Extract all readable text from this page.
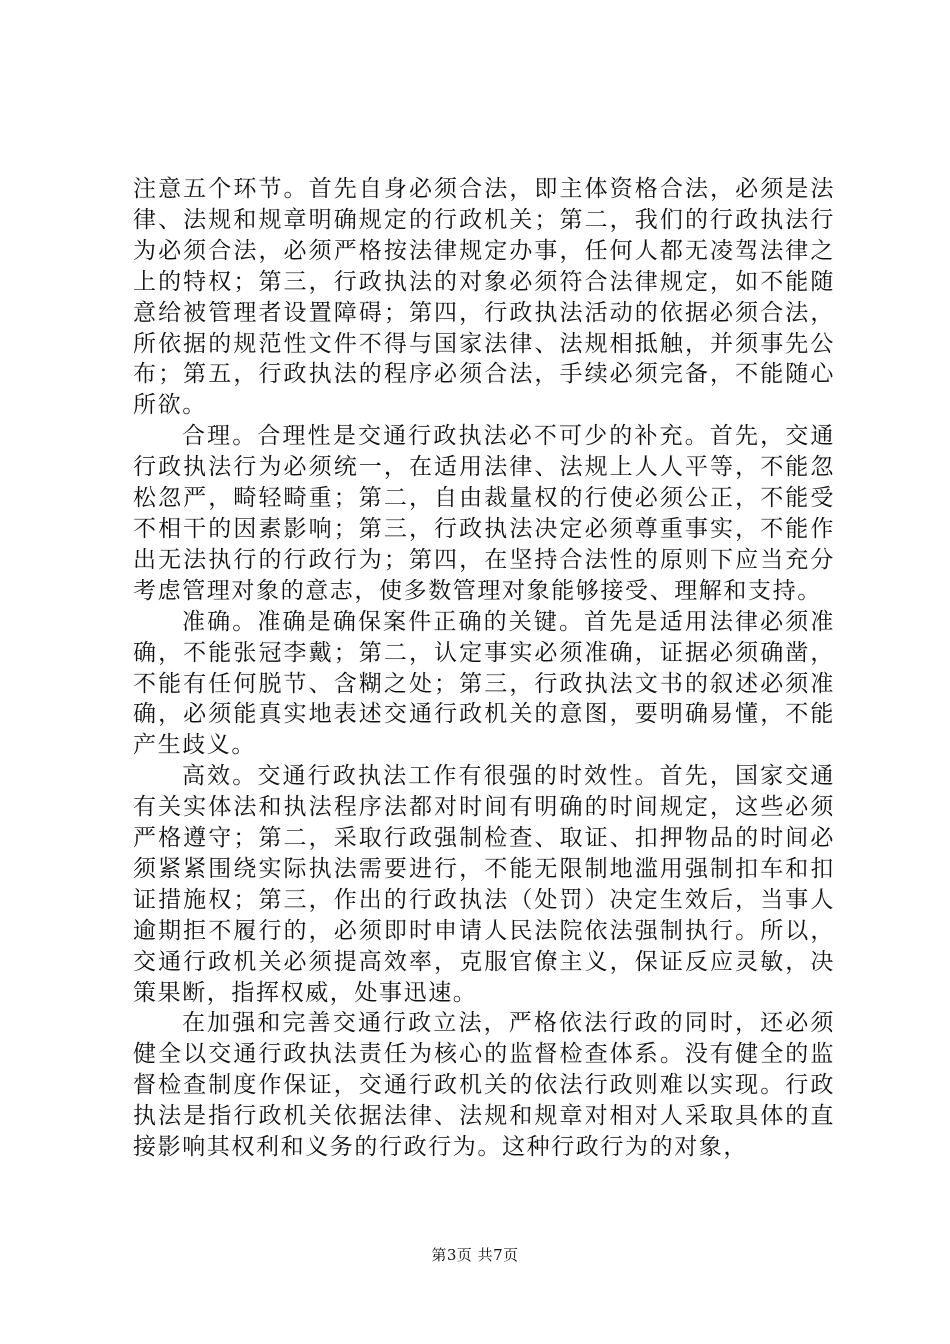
注意五个环节。首先自身必须合法，即主体资格合法，必须是法律、法规和规章明确规定的行政机关；第二，我们的行政执法行为必须合法，必须严格按法律规定办事，任何人都无凌驾法律之上的特权；第三，行政执法的对象必须符合法律规定，如不能随意给被管理者设置障碍；第四，行政执法活动的依据必须合法，所依据的规范性文件不得与国家法律、法规相抵触，并须事先公布；第五，行政执法的程序必须合法，手续必须完备，不能随心所欲。

合理。合理性是交通行政执法必不可少的补充。首先，交通行政执法行为必须统一，在适用法律、法规上人人平等，不能忽松忽严，畸轻畸重；第二，自由裁量权的行使必须公正，不能受不相干的因素影响；第三，行政执法决定必须尊重事实，不能作出无法执行的行政行为；第四，在坚持合法性的原则下应当充分考虑管理对象的意志，使多数管理对象能够接受、理解和支持。

准确。准确是确保案件正确的关键。首先是适用法律必须准确，不能张冠李戴；第二，认定事实必须准确，证据必须确凿，不能有任何脱节、含糊之处；第三，行政执法文书的叙述必须准确，必须能真实地表述交通行政机关的意图，要明确易懂，不能产生歧义。

高效。交通行政执法工作有很强的时效性。首先，国家交通有关实体法和执法程序法都对时间有明确的时间规定，这些必须严格遵守；第二，采取行政强制检查、取证、扣押物品的时间必须紧紧围绕实际执法需要进行，不能无限制地滥用强制扣车和扣证措施权；第三，作出的行政执法（处罚）决定生效后，当事人逾期拒不履行的，必须即时申请人民法院依法强制执行。所以，交通行政机关必须提高效率，克服官僚主义，保证反应灵敏，决策果断，指挥权威，处事迅速。

在加强和完善交通行政立法，严格依法行政的同时，还必须健全以交通行政执法责任为核心的监督检查体系。没有健全的监督检查制度作保证，交通行政机关的依法行政则难以实现。行政执法是指行政机关依据法律、法规和规章对相对人采取具体的直接影响其权利和义务的行政行为。这种行政行为的对象，

第3页 共7页
